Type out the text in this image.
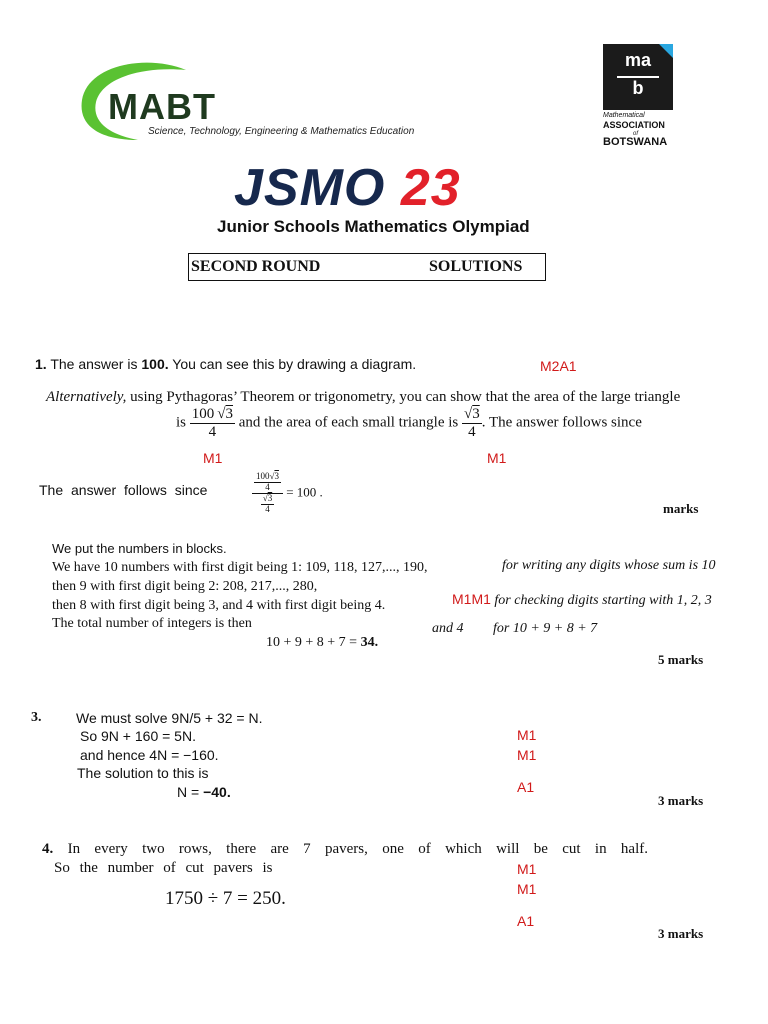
MABT
Science, Technology, Engineering & Mathematics Education
ma
b
Mathematical
ASSOCIATION
of
BOTSWANA
JSMO 23
Junior Schools Mathematics Olympiad
SECOND ROUND	SOLUTIONS
1. The answer is 100. You can see this by drawing a diagram.	M2A1
Alternatively, using Pythagoras’ Theorem or trigonometry, you can show that the area of the large triangle
is $\frac{100 √3}{4}$ and the area of each small triangle is $\frac{√3}{4}$ . The answer follows since
M1	M1
The answer follows since	$\frac{\frac{100√3}{4}}{\frac{√3}{4}} = 100$ .
marks
We put the numbers in blocks.
We have 10 numbers with first digit being 1: 109, 118, 127,..., 190,
then 9 with first digit being 2: 208, 217,..., 280,
then 8 with first digit being 3, and 4 with first digit being 4.
The total number of integers is then
10 + 9 + 8 + 7 = 34.
for writing any digits whose sum is 10
M1M1 for checking digits starting with 1, 2, 3
and 4 for 10 + 9 + 8 + 7
5 marks
3. We must solve 9N/5 + 32 = N.
So 9N + 160 = 5N.
and hence 4N = −160.
The solution to this is
N = −40.
M1
M1
A1
3 marks
4. In every two rows, there are 7 pavers, one of which will be cut in half.
So the number of cut pavers is
1750 ÷ 7 = 250.
M1
M1
A1
3 marks
